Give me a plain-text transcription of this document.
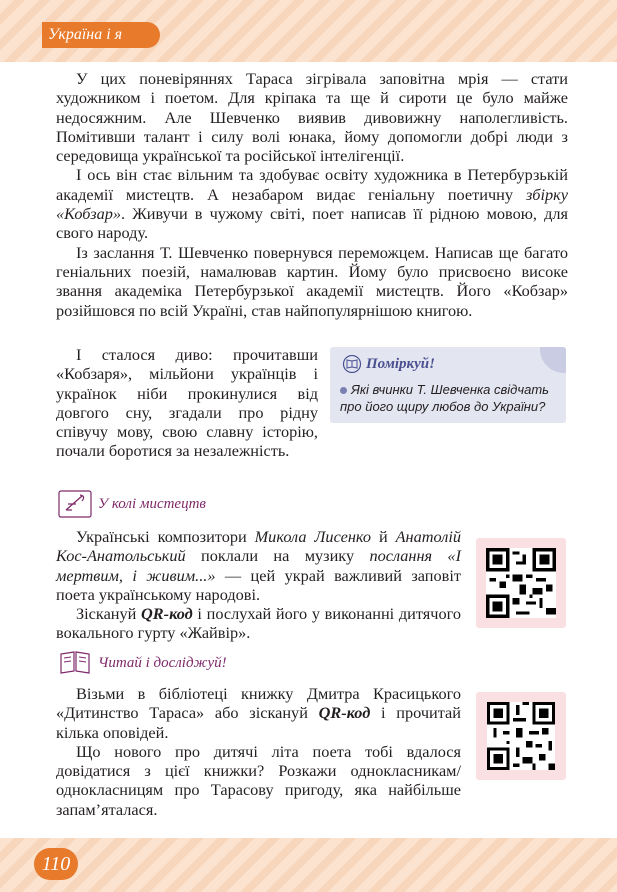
Україна і я

У цих поневіряннях Тараса зігрівала заповітна мрія — стати художником і поетом. Для кріпака та ще й сироти це було майже недосяжним. Але Шевченко виявив дивовижну наполегливість. Помітивши талант і силу волі юнака, йому допомогли добрі люди з середовища української та російської інтелігенції.

І ось він стає вільним та здобуває освіту художника в Петербурзькій академії мистецтв. А незабаром видає геніальну поетичну збірку «Кобзар». Живучи в чужому світі, поет написав її рідною мовою, для свого народу.

Із заслання Т. Шевченко повернувся переможцем. Написав ще багато геніальних поезій, намалював картин. Йому було присвоєно високе звання академіка Петербурзької академії мистецтв. Його «Кобзар» розійшовся по всій Україні, став найпопулярнішою книгою.

І сталося диво: прочитавши «Кобзаря», мільйони українців і українок ніби прокинулися від довгого сну, згадали про рідну співучу мову, свою славну історію, почали боротися за незалежність.

Поміркуй!
Які вчинки Т. Шевченка свідчать про його щиру любов до України?
У колі мистецтв

Українські композитори Микола Лисенко й Анатолій Кос-Анатольський поклали на музику послання «І мертвим, і живим...» — цей украй важливий заповіт поета українському народові.

Зіскануй QR-код і послухай його у виконанні дитячого вокального гурту «Жайвір».

Читай і досліджуй!

Візьми в бібліотеці книжку Дмитра Красицького «Дитинство Тараса» або зіскануй QR-код і прочитай кілька оповідей.

Що нового про дитячі літа поета тобі вдалося довідатися з цієї книжки? Розкажи однокласникам/однокласницям про Тарасову пригоду, яка найбільше запам’яталася.

110
